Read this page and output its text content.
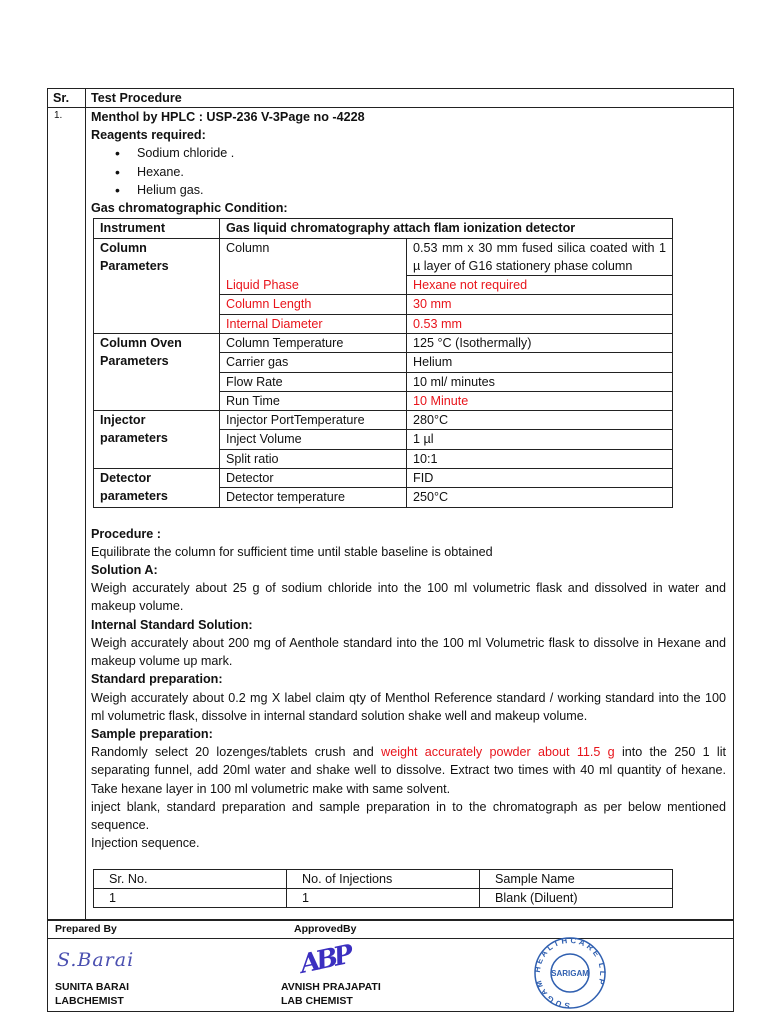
Sr. Test Procedure
1. Menthol by HPLC : USP-236 V-3Page no -4228
Reagents required:
• Sodium chloride .
• Hexane.
• Helium gas.
Gas chromatographic Condition:
Instrument	Gas liquid chromatography attach flam ionization detector	
Column Parameters	Column	0.53 mm x 30 mm fused silica coated with 1 µ layer of G16 stationery phase column
	Liquid Phase	Hexane not required
	Column Length	30 mm
	Internal Diameter	0.53 mm
Column Oven Parameters	Column Temperature	125 °C (Isothermally)
	Carrier gas	Helium
	Flow Rate	10 ml/ minutes
	Run Time	10 Minute
Injector parameters	Injector PortTemperature	280°C
	Inject Volume	1 µl
	Split ratio	10:1
Detector parameters	Detector	FID
	Detector temperature	250°C
Procedure :
Equilibrate the column for sufficient time until stable baseline is obtained
Solution A:
Weigh accurately about 25 g of sodium chloride into the 100 ml volumetric flask and dissolved in water and makeup volume.
Internal Standard Solution:
Weigh accurately about 200 mg of Aenthole standard into the 100 ml Volumetric flask to dissolve in Hexane and makeup volume up mark.
Standard preparation:
Weigh accurately about 0.2 mg X label claim qty of Menthol Reference standard / working standard into the 100 ml volumetric flask, dissolve in internal standard solution shake well and makeup volume.
Sample preparation:
Randomly select 20 lozenges/tablets crush and weight accurately powder about 11.5 g into the 250 1 lit separating funnel, add 20ml water and shake well to dissolve. Extract two times with 40 ml quantity of hexane. Take hexane layer in 100 ml volumetric make with same solvent.
inject blank, standard preparation and sample preparation in to the chromatograph as per below mentioned sequence.
Injection sequence.
Sr. No.	No. of Injections	Sample Name
1	1	Blank (Diluent)
Prepared By	ApprovedBy
S.Barai	ABP
SUNITA BARAI
LABCHEMIST
AVNISH PRAJAPATI
LAB CHEMIST	SUGAM HEALTHCARE LLP
SARIGAM
